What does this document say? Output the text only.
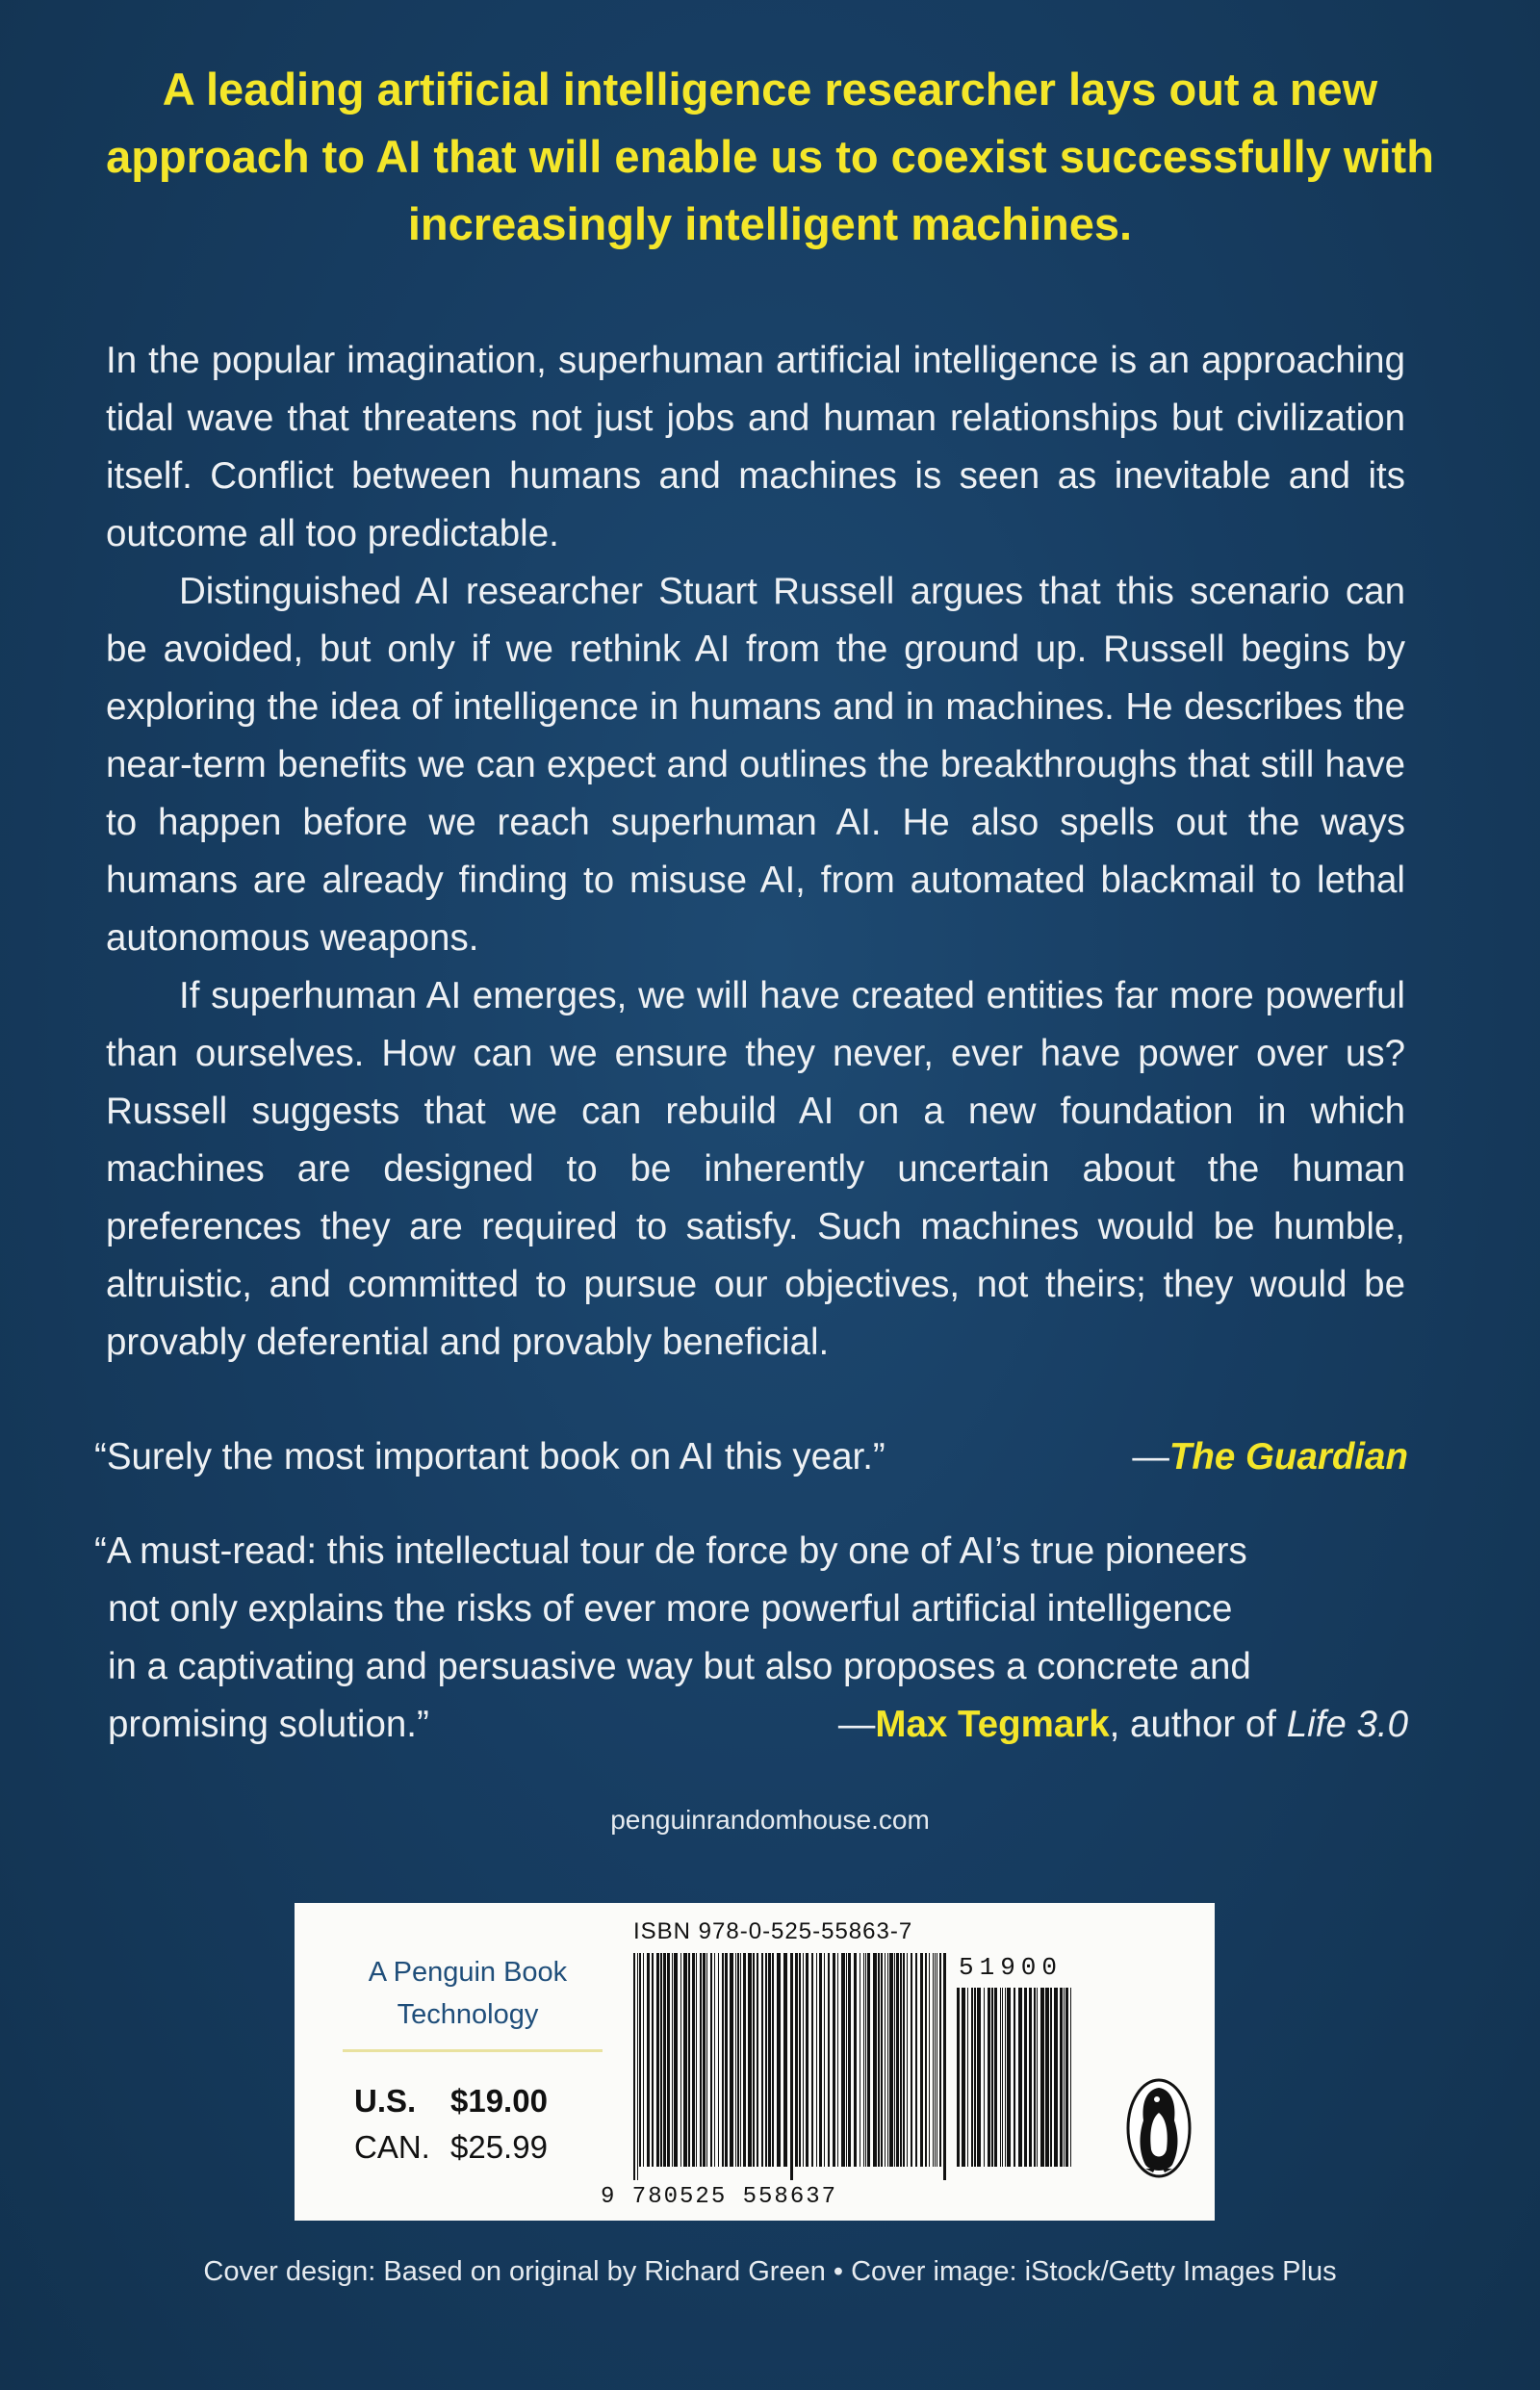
A leading artificial intelligence researcher lays out a new approach to AI that will enable us to coexist successfully with increasingly intelligent machines.

In the popular imagination, superhuman artificial intelligence is an approaching tidal wave that threatens not just jobs and human relationships but civilization itself. Conflict between humans and machines is seen as inevitable and its outcome all too predictable.

Distinguished AI researcher Stuart Russell argues that this scenario can be avoided, but only if we rethink AI from the ground up. Russell begins by exploring the idea of intelligence in humans and in machines. He describes the near-term benefits we can expect and outlines the breakthroughs that still have to happen before we reach superhuman AI. He also spells out the ways humans are already finding to misuse AI, from automated blackmail to lethal autonomous weapons.

If superhuman AI emerges, we will have created entities far more powerful than ourselves. How can we ensure they never, ever have power over us? Russell suggests that we can rebuild AI on a new foundation in which machines are designed to be inherently uncertain about the human preferences they are required to satisfy. Such machines would be humble, altruistic, and committed to pursue our objectives, not theirs; they would be provably deferential and provably beneficial.

“Surely the most important book on AI this year.”	—The Guardian
“A must-read: this intellectual tour de force by one of AI’s true pioneers
not only explains the risks of ever more powerful artificial intelligence
in a captivating and persuasive way but also proposes a concrete and
promising solution.”	—Max Tegmark, author of Life 3.0
penguinrandomhouse.com
A Penguin Book
Technology
U.S.	$19.00
CAN. $25.99
ISBN 978-0-525-55863-7
9 780525 558637
51900
Cover design: Based on original by Richard Green • Cover image: iStock/Getty Images Plus
